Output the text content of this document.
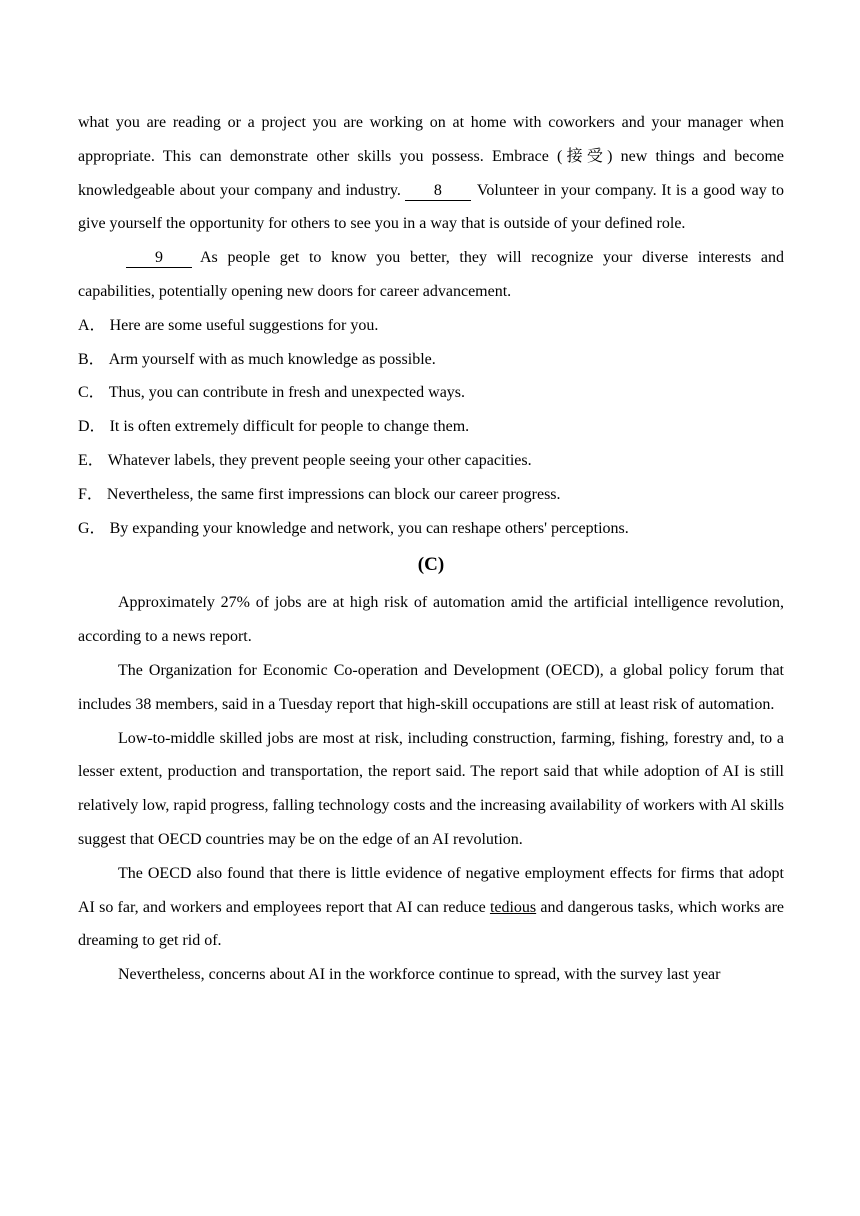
what you are reading or a project you are working on at home with coworkers and your manager when appropriate. This can demonstrate other skills you possess. Embrace (接受) new things and become knowledgeable about your company and industry. 8 Volunteer in your company. It is a good way to give yourself the opportunity for others to see you in a way that is outside of your defined role.

9 As people get to know you better, they will recognize your diverse interests and capabilities, potentially opening new doors for career advancement.

A． Here are some useful suggestions for you.

B． Arm yourself with as much knowledge as possible.

C． Thus, you can contribute in fresh and unexpected ways.

D． It is often extremely difficult for people to change them.

E． Whatever labels, they prevent people seeing your other capacities.

F． Nevertheless, the same first impressions can block our career progress.

G． By expanding your knowledge and network, you can reshape others' perceptions.

(C)

Approximately 27% of jobs are at high risk of automation amid the artificial intelligence revolution, according to a news report.

The Organization for Economic Co-operation and Development (OECD), a global policy forum that includes 38 members, said in a Tuesday report that high-skill occupations are still at least risk of automation.

Low-to-middle skilled jobs are most at risk, including construction, farming, fishing, forestry and, to a lesser extent, production and transportation, the report said. The report said that while adoption of AI is still relatively low, rapid progress, falling technology costs and the increasing availability of workers with Al skills suggest that OECD countries may be on the edge of an AI revolution.

The OECD also found that there is little evidence of negative employment effects for firms that adopt AI so far, and workers and employees report that AI can reduce tedious and dangerous tasks, which works are dreaming to get rid of.

Nevertheless, concerns about AI in the workforce continue to spread, with the survey last year
